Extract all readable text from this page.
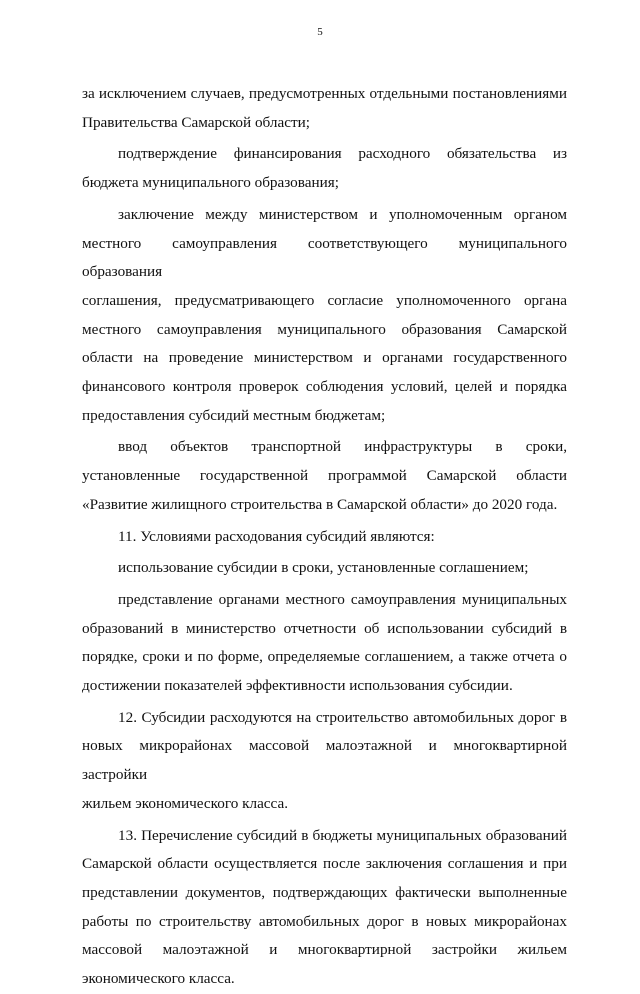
5

за исключением случаев, предусмотренных отдельными постановлениями

Правительства Самарской области;

подтверждение финансирования расходного обязательства из

бюджета муниципального образования;

заключение между министерством и уполномоченным органом

местного самоуправления соответствующего муниципального образования

соглашения, предусматривающего согласие уполномоченного органа

местного самоуправления муниципального образования Самарской

области на проведение министерством и органами государственного

финансового контроля проверок соблюдения условий, целей и порядка

предоставления субсидий местным бюджетам;

ввод объектов транспортной инфраструктуры в сроки,

установленные государственной программой Самарской области

«Развитие жилищного строительства в Самарской области» до 2020 года.

11. Условиями расходования субсидий являются:

использование субсидии в сроки, установленные соглашением;

представление органами местного самоуправления муниципальных

образований в министерство отчетности об использовании субсидий в

порядке, сроки и по форме, определяемые соглашением, а также отчета о

достижении показателей эффективности использования субсидии.

12. Субсидии расходуются на строительство автомобильных дорог в

новых микрорайонах массовой малоэтажной и многоквартирной застройки

жильем экономического класса.

13. Перечисление субсидий в бюджеты муниципальных образований

Самарской области осуществляется после заключения соглашения и при

представлении документов, подтверждающих фактически выполненные

работы по строительству автомобильных дорог в новых микрорайонах

массовой малоэтажной и многоквартирной застройки жильем

экономического класса.
